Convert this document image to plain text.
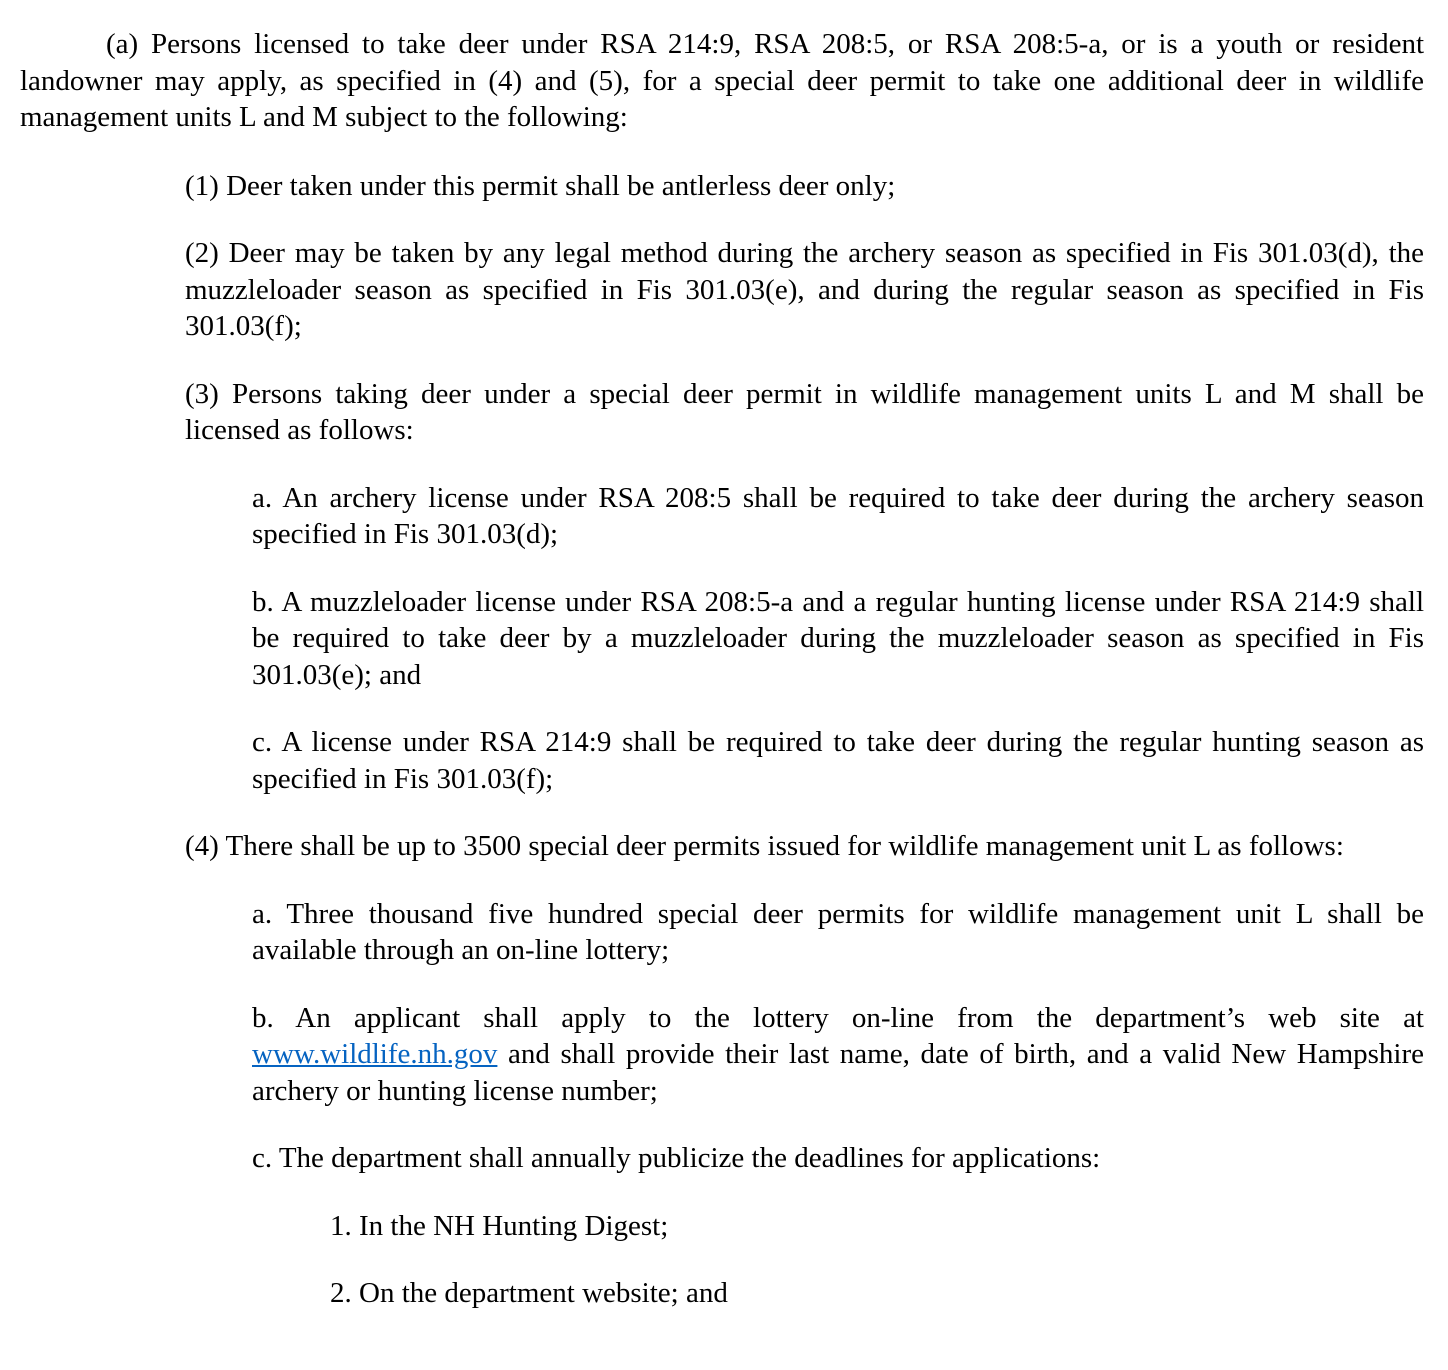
(a) Persons licensed to take deer under RSA 214:9, RSA 208:5, or RSA 208:5-a, or is a youth or resident landowner may apply, as specified in (4) and (5), for a special deer permit to take one additional deer in wildlife management units L and M subject to the following:

(1) Deer taken under this permit shall be antlerless deer only;

(2) Deer may be taken by any legal method during the archery season as specified in Fis 301.03(d), the muzzleloader season as specified in Fis 301.03(e), and during the regular season as specified in Fis 301.03(f);

(3) Persons taking deer under a special deer permit in wildlife management units L and M shall be licensed as follows:

a. An archery license under RSA 208:5 shall be required to take deer during the archery season specified in Fis 301.03(d);

b. A muzzleloader license under RSA 208:5-a and a regular hunting license under RSA 214:9 shall be required to take deer by a muzzleloader during the muzzleloader season as specified in Fis 301.03(e); and

c. A license under RSA 214:9 shall be required to take deer during the regular hunting season as specified in Fis 301.03(f);

(4) There shall be up to 3500 special deer permits issued for wildlife management unit L as follows:

a. Three thousand five hundred special deer permits for wildlife management unit L shall be available through an on-line lottery;

b. An applicant shall apply to the lottery on-line from the department’s web site at www.wildlife.nh.gov and shall provide their last name, date of birth, and a valid New Hampshire archery or hunting license number;

c. The department shall annually publicize the deadlines for applications:

1. In the NH Hunting Digest;

2. On the department website; and
